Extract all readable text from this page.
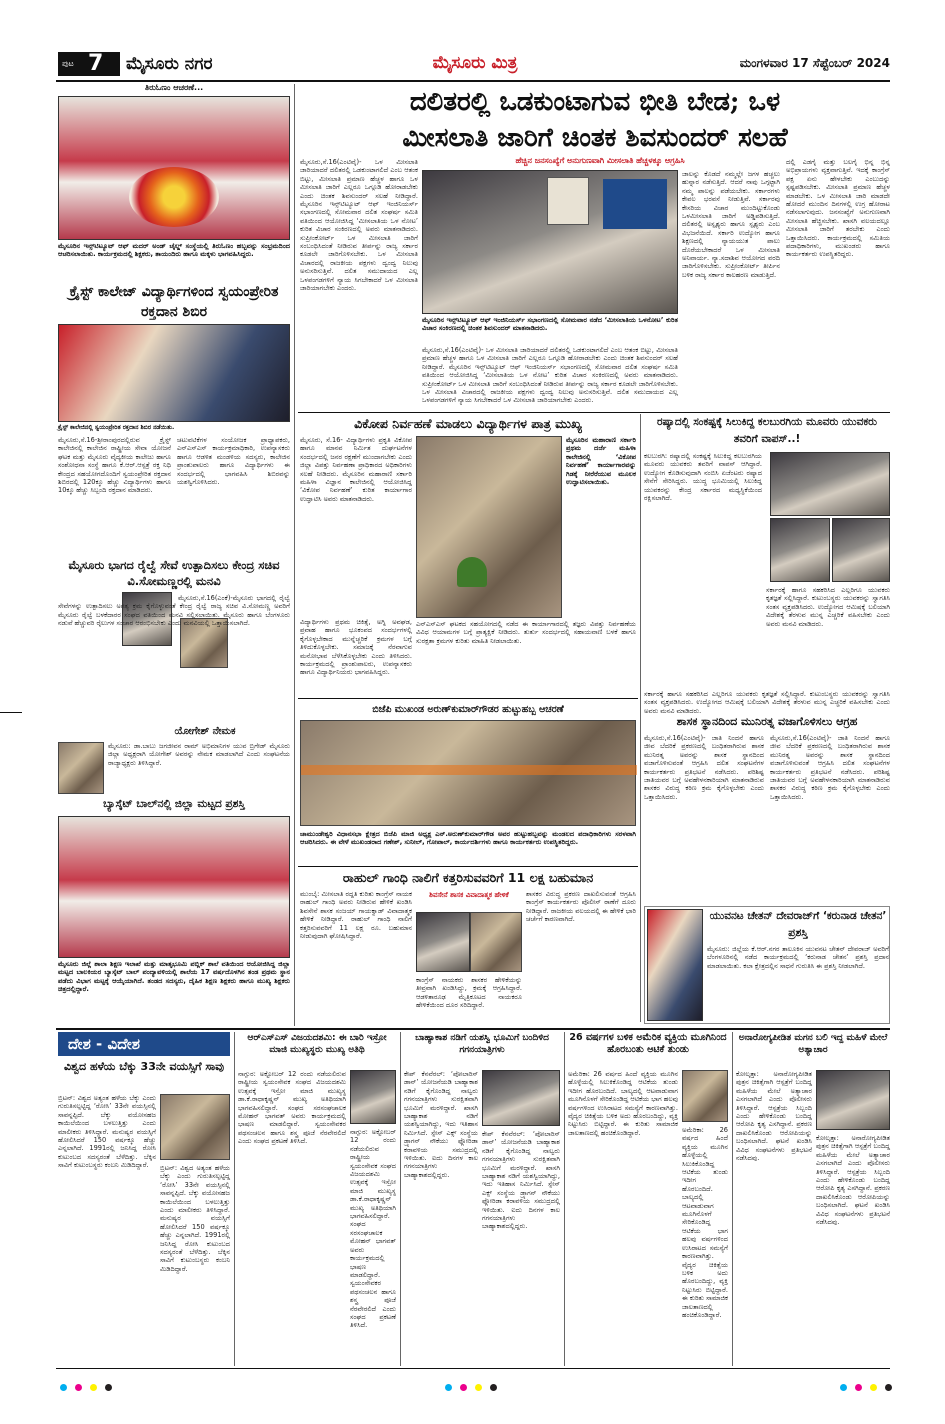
ಪುಟ 7 ಮೈಸೂರು ನಗರ	ಮೈಸೂರು ಮಿತ್ರ	ಮಂಗಳವಾರ 17 ಸೆಪ್ಟೆಂಬರ್ 2024
ತಿರುಓಣಂ ಆಚರಣೆ...
ಮೈಸೂರಿನ ಇನ್ಸ್‌ಟಿಟ್ಯೂಟ್ ಆಫ್ ಮದರ್ ಅಂಡ್ ಚೈಲ್ಡ್ ಸಂಸ್ಥೆಯಲ್ಲಿ ತಿರುಓಣಂ ಹಬ್ಬವನ್ನು ಸಂಭ್ರಮದಿಂದ ಆಚರಿಸಲಾಯಿತು. ಕಾರ್ಯಕ್ರಮದಲ್ಲಿ ಶಿಕ್ಷಕರು, ತಾಯಂದಿರು ಹಾಗೂ ಮಕ್ಕಳು ಭಾಗವಹಿಸಿದ್ದರು.
ಕ್ರೈಸ್ಟ್ ಕಾಲೇಜ್ ವಿದ್ಯಾರ್ಥಿಗಳಿಂದ ಸ್ವಯಂಪ್ರೇರಿತ ರಕ್ತದಾನ ಶಿಬಿರ
ಕ್ರೈಸ್ಟ್ ಕಾಲೇಜಿನಲ್ಲಿ ಸ್ವಯಂಪ್ರೇರಿತ ರಕ್ತದಾನ ಶಿಬಿರ ನಡೆಯಿತು.
ಮೈಸೂರು,ಸೆ.16-ಶ್ರೀರಾಂಪುರದಲ್ಲಿರುವ ಕ್ರೈಸ್ಟ್ ಕಾಲೇಜಿನಲ್ಲಿ ಕಾಲೇಜಿನ ರಾಷ್ಟ್ರೀಯ ಸೇವಾ ಯೋಜನೆ ಘಟಕ ಮತ್ತು ಮೈಸೂರು ವೈದ್ಯಕೀಯ ಕಾಲೇಜು ಹಾಗೂ ಸಂಶೋಧನಾ ಸಂಸ್ಥೆ ಹಾಗೂ ಕೆ.ಆರ್.ಆಸ್ಪತ್ರೆ ರಕ್ತ ನಿಧಿ ಕೇಂದ್ರದ ಸಹಯೋಗದೊಂದಿಗೆ ಸ್ವಯಂಪ್ರೇರಿತ ರಕ್ತದಾನ ಶಿಬಿರದಲ್ಲಿ 120ಕ್ಕೂ ಹೆಚ್ಚು ವಿದ್ಯಾರ್ಥಿಗಳು ಹಾಗೂ 10ಕ್ಕೂ ಹೆಚ್ಚು ಸಿಬ್ಬಂದಿ ರಕ್ತದಾನ ಮಾಡಿದರು.
ಚಟುವಟಿಕೆಗಳ ಸಂಯೋಜಕ ಪ್ರಾಧ್ಯಾಪಕರು, ಎನ್‌ಎಸ್‌ಎಸ್ ಕಾರ್ಯಕ್ರಮಾಧಿಕಾರಿ, ಉಪನ್ಯಾಸಕರು ಹಾಗೂ ಆಡಳಿತ ಮಂಡಳಿಯ ಸದಸ್ಯರು, ಕಾಲೇಜಿನ ಪ್ರಾಂಶುಪಾಲರು ಹಾಗೂ ವಿದ್ಯಾರ್ಥಿಗಳು ಈ ಸಂದರ್ಭದಲ್ಲಿ ಭಾಗವಹಿಸಿ ಶಿಬಿರವನ್ನು ಯಶಸ್ವಿಗೊಳಿಸಿದರು.
ಮೈಸೂರು ಭಾಗದ ರೈಲ್ವೆ ಸೇವೆ ಉತ್ಪಾದಿಸಲು ಕೇಂದ್ರ ಸಚಿವ ವಿ.ಸೋಮಣ್ಣರಲ್ಲಿ ಮನವಿ
ಮೈಸೂರು,ಸೆ.16(ಎಂಕೆ)-ಮೈಸೂರು ಭಾಗದಲ್ಲಿ ರೈಲ್ವೆ ಸೇವೆಗಳನ್ನು ಉತ್ಪಾದಿಸಲು ಅಗತ್ಯ ಕ್ರಮ ಕೈಗೊಳ್ಳುವಂತೆ ಕೇಂದ್ರ ರೈಲ್ವೆ ರಾಜ್ಯ ಸಚಿವ ವಿ.ಸೋಮಣ್ಣ ಅವರಿಗೆ ಮೈಸೂರು ರೈಲ್ವೆ ಬಳಕೆದಾರರ ಸಂಘದ ವತಿಯಿಂದ ಮನವಿ ಸಲ್ಲಿಸಲಾಯಿತು. ಮೈಸೂರು ಹಾಗೂ ಬೆಂಗಳೂರು ನಡುವೆ ಹೆಚ್ಚುವರಿ ರೈಲುಗಳ ಸಂಚಾರ ಆರಂಭಿಸಬೇಕು ಎಂದು ಮನವಿಯಲ್ಲಿ ಒತ್ತಾಯಿಸಲಾಗಿದೆ.
ಯೋಗೇಶ್ ನೇಮಕ
ಮೈಸೂರು: ಡಾ.ಬಾಬು ಜಗಜೀವನ ರಾಮ್ ಅಭಿಮಾನಿಗಳ ಯುವ ಬ್ರಿಗೇಡ್ ಮೈಸೂರು ಜಿಲ್ಲಾ ಅಧ್ಯಕ್ಷರಾಗಿ ಯೋಗೇಶ್ ಅವರನ್ನು ನೇಮಕ ಮಾಡಲಾಗಿದೆ ಎಂದು ಸಂಘಟನೆಯ ರಾಜ್ಯಾಧ್ಯಕ್ಷರು ತಿಳಿಸಿದ್ದಾರೆ.
ಬ್ಯಾಸ್ಕೆಟ್ ಬಾಲ್‌ನಲ್ಲಿ ಜಿಲ್ಲಾ ಮಟ್ಟದ ಪ್ರಶಸ್ತಿ
ಮೈಸೂರು ಜಿಲ್ಲೆ ಶಾಲಾ ಶಿಕ್ಷಣ ಇಲಾಖೆ ಮತ್ತು ಮಾತೃಭೂಮಿ ಪಬ್ಲಿಕ್ ಶಾಲೆ ವತಿಯಿಂದ ಆಯೋಜಿಸಿದ್ದ ಜಿಲ್ಲಾ ಮಟ್ಟದ ಬಾಲಕಿಯರ ಬ್ಯಾಸ್ಕೆಟ್ ಬಾಲ್ ಪಂದ್ಯಾವಳಿಯಲ್ಲಿ ಶಾಲೆಯ 17 ವರ್ಷದೊಳಗಿನ ತಂಡ ಪ್ರಥಮ ಸ್ಥಾನ ಪಡೆದು ವಿಭಾಗ ಮಟ್ಟಕ್ಕೆ ಆಯ್ಕೆಯಾಗಿದೆ. ತಂಡದ ಸದಸ್ಯರು, ದೈಹಿಕ ಶಿಕ್ಷಣ ಶಿಕ್ಷಕರು ಹಾಗೂ ಮುಖ್ಯ ಶಿಕ್ಷಕರು ಚಿತ್ರದಲ್ಲಿದ್ದಾರೆ.
ದಲಿತರಲ್ಲಿ ಒಡಕುಂಟಾಗುವ ಭೀತಿ ಬೇಡ; ಒಳ
ಮೀಸಲಾತಿ ಜಾರಿಗೆ ಚಿಂತಕ ಶಿವಸುಂದರ್ ಸಲಹೆ
ಹೆಚ್ಚಿನ ಜನಸಂಖ್ಯೆಗೆ ಅನುಗುಣವಾಗಿ ಮೀಸಲಾತಿ ಹೆಚ್ಚಳಕ್ಕೂ ಆಗ್ರಹಿಸಿ
ಮೈಸೂರು,ಸೆ.16(ಎಂಟಿವೈ)- ಒಳ ಮೀಸಲಾತಿ ಜಾರಿಯಾದರೆ ದಲಿತರಲ್ಲಿ ಒಡಕುಂಟಾಗಲಿದೆ ಎಂಬ ಆತಂಕ ಬಿಟ್ಟು, ಮೀಸಲಾತಿ ಪ್ರಮಾಣ ಹೆಚ್ಚಳ ಹಾಗೂ ಒಳ ಮೀಸಲಾತಿ ಜಾರಿಗೆ ಎಲ್ಲರೂ ಒಗ್ಗೂಡಿ ಹೋರಾಡಬೇಕು ಎಂದು ಚಿಂತಕ ಶಿವಸುಂದರ್ ಸಲಹೆ ನೀಡಿದ್ದಾರೆ. ಮೈಸೂರಿನ ಇನ್ಸ್‌ಟಿಟ್ಯೂಟ್ ಆಫ್ ಇಂಜಿನಿಯರ್ಸ್ ಸಭಾಂಗಣದಲ್ಲಿ ಸೋಮವಾರ ದಲಿತ ಸಂಘರ್ಷ ಸಮಿತಿ ವತಿಯಿಂದ ಆಯೋಜಿಸಿದ್ದ ‘ಮೀಸಲಾತಿಯ ಒಳ ನೋಟ’ ಕುರಿತ ವಿಚಾರ ಸಂಕಿರಣದಲ್ಲಿ ಅವರು ಮಾತನಾಡಿದರು. ಸುಪ್ರೀಂಕೋರ್ಟ್ ಒಳ ಮೀಸಲಾತಿ ಜಾರಿಗೆ ಸಂಬಂಧಿಸಿದಂತೆ ನೀಡಿರುವ ತೀರ್ಪನ್ನು ರಾಜ್ಯ ಸರ್ಕಾರ ಕೂಡಲೇ ಜಾರಿಗೊಳಿಸಬೇಕು. ಒಳ ಮೀಸಲಾತಿ ವಿಚಾರದಲ್ಲಿ ರಾಜಕೀಯ ಪಕ್ಷಗಳು ದ್ವಂದ್ವ ನಿಲುವು ಅನುಸರಿಸುತ್ತಿವೆ. ದಲಿತ ಸಮುದಾಯದ ಎಲ್ಲ ಒಳಪಂಗಡಗಳಿಗೆ ನ್ಯಾಯ ಸಿಗಬೇಕಾದರೆ ಒಳ ಮೀಸಲಾತಿ ಜಾರಿಯಾಗಬೇಕು ಎಂದರು.
ಮೈಸೂರಿನ ಇನ್ಸ್‌ಟಿಟ್ಯೂಟ್ ಆಫ್ ಇಂಜಿನಿಯರ್ಸ್ ಸಭಾಂಗಣದಲ್ಲಿ ಸೋಮವಾರ ನಡೆದ ‘ಮೀಸಲಾತಿಯ ಒಳನೋಟ’ ಕುರಿತ ವಿಚಾರ ಸಂಕಿರಣದಲ್ಲಿ ಚಿಂತಕ ಶಿವಸುಂದರ್ ಮಾತನಾಡಿದರು.
ಮೈಸೂರು,ಸೆ.16(ಎಂಟಿವೈ)- ಒಳ ಮೀಸಲಾತಿ ಜಾರಿಯಾದರೆ ದಲಿತರಲ್ಲಿ ಒಡಕುಂಟಾಗಲಿದೆ ಎಂಬ ಆತಂಕ ಬಿಟ್ಟು, ಮೀಸಲಾತಿ ಪ್ರಮಾಣ ಹೆಚ್ಚಳ ಹಾಗೂ ಒಳ ಮೀಸಲಾತಿ ಜಾರಿಗೆ ಎಲ್ಲರೂ ಒಗ್ಗೂಡಿ ಹೋರಾಡಬೇಕು ಎಂದು ಚಿಂತಕ ಶಿವಸುಂದರ್ ಸಲಹೆ ನೀಡಿದ್ದಾರೆ. ಮೈಸೂರಿನ ಇನ್ಸ್‌ಟಿಟ್ಯೂಟ್ ಆಫ್ ಇಂಜಿನಿಯರ್ಸ್ ಸಭಾಂಗಣದಲ್ಲಿ ಸೋಮವಾರ ದಲಿತ ಸಂಘರ್ಷ ಸಮಿತಿ ವತಿಯಿಂದ ಆಯೋಜಿಸಿದ್ದ ‘ಮೀಸಲಾತಿಯ ಒಳ ನೋಟ’ ಕುರಿತ ವಿಚಾರ ಸಂಕಿರಣದಲ್ಲಿ ಅವರು ಮಾತನಾಡಿದರು. ಸುಪ್ರೀಂಕೋರ್ಟ್ ಒಳ ಮೀಸಲಾತಿ ಜಾರಿಗೆ ಸಂಬಂಧಿಸಿದಂತೆ ನೀಡಿರುವ ತೀರ್ಪನ್ನು ರಾಜ್ಯ ಸರ್ಕಾರ ಕೂಡಲೇ ಜಾರಿಗೊಳಿಸಬೇಕು. ಒಳ ಮೀಸಲಾತಿ ವಿಚಾರದಲ್ಲಿ ರಾಜಕೀಯ ಪಕ್ಷಗಳು ದ್ವಂದ್ವ ನಿಲುವು ಅನುಸರಿಸುತ್ತಿವೆ. ದಲಿತ ಸಮುದಾಯದ ಎಲ್ಲ ಒಳಪಂಗಡಗಳಿಗೆ ನ್ಯಾಯ ಸಿಗಬೇಕಾದರೆ ಒಳ ಮೀಸಲಾತಿ ಜಾರಿಯಾಗಬೇಕು ಎಂದರು.
ಜಾಲನ್ನು ಕೊಡದೆ ನಮ್ಮಲ್ಲೇ ಜಗಳ ಹಚ್ಚಲು ಹುನ್ನಾರ ನಡೆಸುತ್ತಿದೆ. ಆದರೆ ನಾವು ಒಗ್ಗಟ್ಟಾಗಿ ನಮ್ಮ ಪಾಲನ್ನು ಪಡೆಯಬೇಕು. ಸರ್ಕಾರಗಳು ಕೇವಲ ಭರವಸೆ ನೀಡುತ್ತಿವೆ. ಸರ್ಕಾರವು ಕೇಸರಿಯ ವಿಚಾರ ಮುಂದಿಟ್ಟುಕೊಂಡು ಒಳಮೀಸಲಾತಿ ಜಾರಿಗೆ ಅಡ್ಡಿಪಡಿಸುತ್ತಿದೆ. ದಲಿತರಲ್ಲಿ ಅಸ್ಪೃಶ್ಯರು ಹಾಗೂ ಸ್ಪೃಶ್ಯರು ಎಂಬ ವಿಭಜನೆಯಿದೆ. ಸರ್ಕಾರಿ ಉದ್ಯೋಗ ಹಾಗೂ ಶಿಕ್ಷಣದಲ್ಲಿ ನ್ಯಾಯಯುತ ಪಾಲು ದೊರೆಯಬೇಕಾದರೆ ಒಳ ಮೀಸಲಾತಿ ಅನಿವಾರ್ಯ. ನ್ಯಾ.ಸದಾಶಿವ ಆಯೋಗದ ವರದಿ ಜಾರಿಗೊಳಿಸಬೇಕು. ಸುಪ್ರೀಂಕೋರ್ಟ್ ತೀರ್ಪಿನ ಬಳಿಕ ರಾಜ್ಯ ಸರ್ಕಾರ ಕಾಲಹರಣ ಮಾಡುತ್ತಿದೆ.
ದಲ್ಲಿ ಎಡಗೈ ಮತ್ತು ಬಲಗೈ ಭಿನ್ನ ಭಿನ್ನ ಅಭಿಪ್ರಾಯಗಳು ವ್ಯಕ್ತವಾಗುತ್ತಿವೆ. ಇದಕ್ಕೆ ಕಾಂಗ್ರೆಸ್ ಪಕ್ಷ ಏನು ಹೇಳಬೇಕು ಎಂಬುದನ್ನು ಸ್ಪಷ್ಟಪಡಿಸಬೇಕು. ಮೀಸಲಾತಿ ಪ್ರಮಾಣ ಹೆಚ್ಚಳ ಮಾಡಬೇಕು. ಒಳ ಮೀಸಲಾತಿ ಜಾರಿ ಮಾಡದೇ ಹೋದರೆ ಮುಂದಿನ ದಿನಗಳಲ್ಲಿ ಉಗ್ರ ಹೋರಾಟ ನಡೆಸಲಾಗುವುದು. ಜನಸಂಖ್ಯೆಗೆ ಅನುಗುಣವಾಗಿ ಮೀಸಲಾತಿ ಹೆಚ್ಚಿಸಬೇಕು. ಖಾಸಗಿ ವಲಯದಲ್ಲೂ ಮೀಸಲಾತಿ ಜಾರಿಗೆ ತರಬೇಕು ಎಂದು ಒತ್ತಾಯಿಸಿದರು. ಕಾರ್ಯಕ್ರಮದಲ್ಲಿ ಸಮಿತಿಯ ಪದಾಧಿಕಾರಿಗಳು, ಮುಖಂಡರು ಹಾಗೂ ಕಾರ್ಯಕರ್ತರು ಉಪಸ್ಥಿತರಿದ್ದರು.
ವಿಕೋಪ ನಿರ್ವಹಣೆ ಮಾಡಲು ವಿದ್ಯಾರ್ಥಿಗಳ ಪಾತ್ರ ಮುಖ್ಯ
ಮೈಸೂರು, ಸೆ.16- ವಿದ್ಯಾರ್ಥಿಗಳು ಪ್ರಕೃತಿ ವಿಕೋಪ ಹಾಗೂ ಮಾನವ ನಿರ್ಮಿತ ದುರ್ಘಟನೆಗಳ ಸಂದರ್ಭದಲ್ಲಿ ಜನರ ರಕ್ಷಣೆಗೆ ಮುಂದಾಗಬೇಕು ಎಂದು ಜಿಲ್ಲಾ ವಿಪತ್ತು ನಿರ್ವಹಣಾ ಪ್ರಾಧಿಕಾರದ ಅಧಿಕಾರಿಗಳು ಸಲಹೆ ನೀಡಿದರು. ಮೈಸೂರಿನ ಮಹಾರಾಣಿ ಸರ್ಕಾರಿ ಮಹಿಳಾ ವಿಜ್ಞಾನ ಕಾಲೇಜಿನಲ್ಲಿ ಆಯೋಜಿಸಿದ್ದ ‘ವಿಕೋಪ ನಿರ್ವಹಣೆ’ ಕುರಿತ ಕಾರ್ಯಾಗಾರ ಉದ್ಘಾಟಿಸಿ ಅವರು ಮಾತನಾಡಿದರು.
ಮೈಸೂರಿನ ಮಹಾರಾಣಿ ಸರ್ಕಾರಿ ಪ್ರಥಮ ದರ್ಜೆ ಮಹಿಳಾ ಕಾಲೇಜಿನಲ್ಲಿ ‘ವಿಕೋಪ ನಿರ್ವಹಣೆ’ ಕಾರ್ಯಾಗಾರವನ್ನು ಗಿಡಕ್ಕೆ ನೀರೆರೆಯುವ ಮೂಲಕ ಉದ್ಘಾಟಿಸಲಾಯಿತು.
ವಿದ್ಯಾರ್ಥಿಗಳು ಪ್ರಥಮ ಚಿಕಿತ್ಸೆ, ಅಗ್ನಿ ಅವಘಡ, ಪ್ರವಾಹ ಹಾಗೂ ಭೂಕಂಪದ ಸಂದರ್ಭಗಳಲ್ಲಿ ಕೈಗೊಳ್ಳಬೇಕಾದ ಮುನ್ನೆಚ್ಚರಿಕೆ ಕ್ರಮಗಳ ಬಗ್ಗೆ ತಿಳಿದುಕೊಳ್ಳಬೇಕು. ಸಮಾಜಕ್ಕೆ ನೆರವಾಗುವ ಮನೋಭಾವ ಬೆಳೆಸಿಕೊಳ್ಳಬೇಕು ಎಂದು ತಿಳಿಸಿದರು. ಕಾರ್ಯಕ್ರಮದಲ್ಲಿ ಪ್ರಾಂಶುಪಾಲರು, ಉಪನ್ಯಾಸಕರು ಹಾಗೂ ವಿದ್ಯಾರ್ಥಿನಿಯರು ಭಾಗವಹಿಸಿದ್ದರು.
ಎನ್‌ಎಸ್‌ಎಸ್ ಘಟಕದ ಸಹಯೋಗದಲ್ಲಿ ನಡೆದ ಈ ಕಾರ್ಯಾಗಾರದಲ್ಲಿ ತಜ್ಞರು ವಿಪತ್ತು ನಿರ್ವಹಣೆಯ ವಿವಿಧ ಆಯಾಮಗಳ ಬಗ್ಗೆ ಪ್ರಾತ್ಯಕ್ಷಿಕೆ ನೀಡಿದರು. ತುರ್ತು ಸಂದರ್ಭದಲ್ಲಿ ಸಹಾಯವಾಣಿ ಬಳಕೆ ಹಾಗೂ ಸುರಕ್ಷತಾ ಕ್ರಮಗಳ ಕುರಿತು ಮಾಹಿತಿ ನೀಡಲಾಯಿತು.
ರಷ್ಯಾದಲ್ಲಿ ಸಂಕಷ್ಟಕ್ಕೆ ಸಿಲುಕಿದ್ದ ಕಲಬುರಗಿಯ ಮೂವರು ಯುವಕರು ತವರಿಗೆ ವಾಪಸ್..!
ಕಲಬುರಗಿ: ರಷ್ಯಾದಲ್ಲಿ ಸಂಕಷ್ಟಕ್ಕೆ ಸಿಲುಕಿದ್ದ ಕಲಬುರಗಿಯ ಮೂವರು ಯುವಕರು ತವರಿಗೆ ವಾಪಸ್ ಆಗಿದ್ದಾರೆ. ಉದ್ಯೋಗ ಕೊಡಿಸುವುದಾಗಿ ನಂಬಿಸಿ ಏಜೆಂಟರು ರಷ್ಯಾದ ಸೇನೆಗೆ ಸೇರಿಸಿದ್ದರು. ಯುದ್ಧ ಭೂಮಿಯಲ್ಲಿ ಸಿಲುಕಿದ್ದ ಯುವಕರನ್ನು ಕೇಂದ್ರ ಸರ್ಕಾರದ ಮಧ್ಯಸ್ಥಿಕೆಯಿಂದ ರಕ್ಷಿಸಲಾಗಿದೆ.
ಸರ್ಕಾರಕ್ಕೆ ಹಾಗೂ ಸಹಕರಿಸಿದ ಎಲ್ಲರಿಗೂ ಯುವಕರು ಕೃತಜ್ಞತೆ ಸಲ್ಲಿಸಿದ್ದಾರೆ. ಕುಟುಂಬಸ್ಥರು ಯುವಕರನ್ನು ಸ್ವಾಗತಿಸಿ ಸಂತಸ ವ್ಯಕ್ತಪಡಿಸಿದರು. ಉದ್ಯೋಗದ ಆಮಿಷಕ್ಕೆ ಬಲಿಯಾಗಿ ವಿದೇಶಕ್ಕೆ ತೆರಳುವ ಮುನ್ನ ಎಚ್ಚರಿಕೆ ವಹಿಸಬೇಕು ಎಂದು ಅವರು ಮನವಿ ಮಾಡಿದರು.
ಸರ್ಕಾರಕ್ಕೆ ಹಾಗೂ ಸಹಕರಿಸಿದ ಎಲ್ಲರಿಗೂ ಯುವಕರು ಕೃತಜ್ಞತೆ ಸಲ್ಲಿಸಿದ್ದಾರೆ. ಕುಟುಂಬಸ್ಥರು ಯುವಕರನ್ನು ಸ್ವಾಗತಿಸಿ ಸಂತಸ ವ್ಯಕ್ತಪಡಿಸಿದರು. ಉದ್ಯೋಗದ ಆಮಿಷಕ್ಕೆ ಬಲಿಯಾಗಿ ವಿದೇಶಕ್ಕೆ ತೆರಳುವ ಮುನ್ನ ಎಚ್ಚರಿಕೆ ವಹಿಸಬೇಕು ಎಂದು ಅವರು ಮನವಿ ಮಾಡಿದರು.
ಶಾಸಕ ಸ್ಥಾನದಿಂದ ಮುನಿರತ್ನ ವಜಾಗೊಳಿಸಲು ಆಗ್ರಹ
ಮೈಸೂರು,ಸೆ.16(ಎಂಟಿವೈ)- ಜಾತಿ ನಿಂದನೆ ಹಾಗೂ ಜೀವ ಬೆದರಿಕೆ ಪ್ರಕರಣದಲ್ಲಿ ಬಂಧಿತರಾಗಿರುವ ಶಾಸಕ ಮುನಿರತ್ನ ಅವರನ್ನು ಶಾಸಕ ಸ್ಥಾನದಿಂದ ವಜಾಗೊಳಿಸುವಂತೆ ಆಗ್ರಹಿಸಿ ದಲಿತ ಸಂಘಟನೆಗಳ ಕಾರ್ಯಕರ್ತರು ಪ್ರತಿಭಟನೆ ನಡೆಸಿದರು. ಪರಿಶಿಷ್ಟ ಜಾತಿಯವರ ಬಗ್ಗೆ ಅವಹೇಳನಕಾರಿಯಾಗಿ ಮಾತನಾಡಿರುವ ಶಾಸಕರ ವಿರುದ್ಧ ಕಠಿಣ ಕ್ರಮ ಕೈಗೊಳ್ಳಬೇಕು ಎಂದು ಒತ್ತಾಯಿಸಿದರು.
ಮೈಸೂರು,ಸೆ.16(ಎಂಟಿವೈ)- ಜಾತಿ ನಿಂದನೆ ಹಾಗೂ ಜೀವ ಬೆದರಿಕೆ ಪ್ರಕರಣದಲ್ಲಿ ಬಂಧಿತರಾಗಿರುವ ಶಾಸಕ ಮುನಿರತ್ನ ಅವರನ್ನು ಶಾಸಕ ಸ್ಥಾನದಿಂದ ವಜಾಗೊಳಿಸುವಂತೆ ಆಗ್ರಹಿಸಿ ದಲಿತ ಸಂಘಟನೆಗಳ ಕಾರ್ಯಕರ್ತರು ಪ್ರತಿಭಟನೆ ನಡೆಸಿದರು. ಪರಿಶಿಷ್ಟ ಜಾತಿಯವರ ಬಗ್ಗೆ ಅವಹೇಳನಕಾರಿಯಾಗಿ ಮಾತನಾಡಿರುವ ಶಾಸಕರ ವಿರುದ್ಧ ಕಠಿಣ ಕ್ರಮ ಕೈಗೊಳ್ಳಬೇಕು ಎಂದು ಒತ್ತಾಯಿಸಿದರು.
ಯುವನಟ ಚೇತನ್ ದೇವರಾಜ್‌ಗೆ ‘ಕರುನಾಡ ಚೇತನ’ ಪ್ರಶಸ್ತಿ
ಮೈಸೂರು: ಜಿಲ್ಲೆಯ ಕೆ.ಆರ್.ನಗರ ತಾಲೂಕಿನ ಯುವನಟ ಚೇತನ್ ದೇವರಾಜ್ ಅವರಿಗೆ ಬೆಂಗಳೂರಿನಲ್ಲಿ ನಡೆದ ಕಾರ್ಯಕ್ರಮದಲ್ಲಿ ‘ಕರುನಾಡ ಚೇತನ’ ಪ್ರಶಸ್ತಿ ಪ್ರದಾನ ಮಾಡಲಾಯಿತು. ಕಲಾ ಕ್ಷೇತ್ರದಲ್ಲಿನ ಸಾಧನೆ ಗುರುತಿಸಿ ಈ ಪ್ರಶಸ್ತಿ ನೀಡಲಾಗಿದೆ.
ಬಿಜೆಪಿ ಮುಖಂಡ ಅರುಣ್‌ಕುಮಾರ್‌ಗೌಡರ ಹುಟ್ಟುಹಬ್ಬ ಆಚರಣೆ
ಚಾಮುಂಡೇಶ್ವರಿ ವಿಧಾನಸಭಾ ಕ್ಷೇತ್ರದ ಬಿಜೆಪಿ ಮಾಜಿ ಅಧ್ಯಕ್ಷ ಎನ್.ಅರುಣ್‌ಕುಮಾರ್‌ಗೌಡ ಅವರ ಹುಟ್ಟುಹಬ್ಬವನ್ನು ಮಂಡಲದ ಪದಾಧಿಕಾರಿಗಳು ಸರಳವಾಗಿ ಆಚರಿಸಿದರು. ಈ ವೇಳೆ ಮುಖಂಡರಾದ ಗಣೇಶ್, ಸುನೀಲ್, ಗೋಪಾಲ್, ಕಾರ್ಯದರ್ಶಿಗಳು ಹಾಗೂ ಕಾರ್ಯಕರ್ತರು ಉಪಸ್ಥಿತರಿದ್ದರು.
ರಾಹುಲ್ ಗಾಂಧಿ ನಾಲಿಗೆ ಕತ್ತರಿಸುವವರಿಗೆ 11 ಲಕ್ಷ ಬಹುಮಾನ
ಮುಂಬೈ: ಮೀಸಲಾತಿ ರದ್ದತಿ ಕುರಿತು ಕಾಂಗ್ರೆಸ್ ನಾಯಕ ರಾಹುಲ್ ಗಾಂಧಿ ಅವರು ನೀಡಿರುವ ಹೇಳಿಕೆ ಖಂಡಿಸಿ ಶಿವಸೇನೆ ಶಾಸಕ ಸಂಜಯ್ ಗಾಯಕ್ವಾಡ್ ವಿವಾದಾತ್ಮಕ ಹೇಳಿಕೆ ನೀಡಿದ್ದಾರೆ. ರಾಹುಲ್ ಗಾಂಧಿ ನಾಲಿಗೆ ಕತ್ತರಿಸುವವರಿಗೆ 11 ಲಕ್ಷ ರೂ. ಬಹುಮಾನ ನೀಡುವುದಾಗಿ ಘೋಷಿಸಿದ್ದಾರೆ.
ಶಿವಸೇನೆ ಶಾಸಕ ವಿವಾದಾತ್ಮಕ ಹೇಳಿಕೆ
ಕಾಂಗ್ರೆಸ್ ನಾಯಕರು ಶಾಸಕರ ಹೇಳಿಕೆಯನ್ನು ತೀವ್ರವಾಗಿ ಖಂಡಿಸಿದ್ದು, ಕ್ರಮಕ್ಕೆ ಆಗ್ರಹಿಸಿದ್ದಾರೆ. ಆಡಳಿತಾರೂಢ ಮೈತ್ರಿಕೂಟದ ನಾಯಕರೂ ಹೇಳಿಕೆಯಿಂದ ದೂರ ಸರಿದಿದ್ದಾರೆ.
ಶಾಸಕರ ವಿರುದ್ಧ ಪ್ರಕರಣ ದಾಖಲಿಸುವಂತೆ ಆಗ್ರಹಿಸಿ ಕಾಂಗ್ರೆಸ್ ಕಾರ್ಯಕರ್ತರು ಪೊಲೀಸ್ ಠಾಣೆಗೆ ದೂರು ನೀಡಿದ್ದಾರೆ. ರಾಜಕೀಯ ವಲಯದಲ್ಲಿ ಈ ಹೇಳಿಕೆ ಭಾರಿ ಚರ್ಚೆಗೆ ಕಾರಣವಾಗಿದೆ.
ದೇಶ - ವಿದೇಶ
ವಿಶ್ವದ ಹಳೆಯ ಬೆಕ್ಕು 33ನೇ ವಯಸ್ಸಿಗೆ ಸಾವು
ಬ್ರಿಟನ್: ವಿಶ್ವದ ಅತ್ಯಂತ ಹಳೆಯ ಬೆಕ್ಕು ಎಂದು ಗುರುತಿಸಲ್ಪಟ್ಟಿದ್ದ ‘ರೋಸಿ’ 33ನೇ ವಯಸ್ಸಿನಲ್ಲಿ ಸಾವನ್ನಪ್ಪಿದೆ. ಬೆಕ್ಕು ವಯೋಸಹಜ ಕಾಯಿಲೆಯಿಂದ ಬಳಲುತ್ತಿತ್ತು ಎಂದು ಮಾಲೀಕರು ತಿಳಿಸಿದ್ದಾರೆ. ಮನುಷ್ಯರ ವಯಸ್ಸಿಗೆ ಹೋಲಿಸಿದರೆ 150 ವರ್ಷಕ್ಕೂ ಹೆಚ್ಚು ಎನ್ನಲಾಗಿದೆ. 1991ರಲ್ಲಿ ಜನಿಸಿದ್ದ ರೋಸಿ ಕುಟುಂಬದ ಸದಸ್ಯರಂತೆ ಬೆಳೆದಿತ್ತು. ಬೆಕ್ಕಿನ ಸಾವಿಗೆ ಕುಟುಂಬಸ್ಥರು ಕಂಬನಿ ಮಿಡಿದಿದ್ದಾರೆ.	ಬ್ರಿಟನ್: ವಿಶ್ವದ ಅತ್ಯಂತ ಹಳೆಯ ಬೆಕ್ಕು ಎಂದು ಗುರುತಿಸಲ್ಪಟ್ಟಿದ್ದ ‘ರೋಸಿ’ 33ನೇ ವಯಸ್ಸಿನಲ್ಲಿ ಸಾವನ್ನಪ್ಪಿದೆ. ಬೆಕ್ಕು ವಯೋಸಹಜ ಕಾಯಿಲೆಯಿಂದ ಬಳಲುತ್ತಿತ್ತು ಎಂದು ಮಾಲೀಕರು ತಿಳಿಸಿದ್ದಾರೆ. ಮನುಷ್ಯರ ವಯಸ್ಸಿಗೆ ಹೋಲಿಸಿದರೆ 150 ವರ್ಷಕ್ಕೂ ಹೆಚ್ಚು ಎನ್ನಲಾಗಿದೆ. 1991ರಲ್ಲಿ ಜನಿಸಿದ್ದ ರೋಸಿ ಕುಟುಂಬದ ಸದಸ್ಯರಂತೆ ಬೆಳೆದಿತ್ತು. ಬೆಕ್ಕಿನ ಸಾವಿಗೆ ಕುಟುಂಬಸ್ಥರು ಕಂಬನಿ ಮಿಡಿದಿದ್ದಾರೆ.
ಆರ್‌ಎಸ್‌ಎಸ್ ವಿಜಯದಶಮಿ: ಈ ಬಾರಿ ಇಸ್ರೋ ಮಾಜಿ ಮುಖ್ಯಸ್ಥರು ಮುಖ್ಯ ಅತಿಥಿ
ನಾಗ್ಪುರ: ಅಕ್ಟೋಬರ್ 12 ರಂದು ನಡೆಯಲಿರುವ ರಾಷ್ಟ್ರೀಯ ಸ್ವಯಂಸೇವಕ ಸಂಘದ ವಿಜಯದಶಮಿ ಉತ್ಸವಕ್ಕೆ ಇಸ್ರೋ ಮಾಜಿ ಮುಖ್ಯಸ್ಥ ಡಾ.ಕೆ.ರಾಧಾಕೃಷ್ಣನ್ ಮುಖ್ಯ ಅತಿಥಿಯಾಗಿ ಭಾಗವಹಿಸಲಿದ್ದಾರೆ. ಸಂಘದ ಸರಸಂಘಚಾಲಕ ಮೋಹನ್ ಭಾಗವತ್ ಅವರು ಕಾರ್ಯಕ್ರಮದಲ್ಲಿ ಭಾಷಣ ಮಾಡಲಿದ್ದಾರೆ. ಸ್ವಯಂಸೇವಕರ ಪಥಸಂಚಲನ ಹಾಗೂ ಶಸ್ತ್ರ ಪೂಜೆ ನೆರವೇರಲಿದೆ ಎಂದು ಸಂಘದ ಪ್ರಕಟಣೆ ತಿಳಿಸಿದೆ.
ನಾಗ್ಪುರ: ಅಕ್ಟೋಬರ್ 12 ರಂದು ನಡೆಯಲಿರುವ ರಾಷ್ಟ್ರೀಯ ಸ್ವಯಂಸೇವಕ ಸಂಘದ ವಿಜಯದಶಮಿ ಉತ್ಸವಕ್ಕೆ ಇಸ್ರೋ ಮಾಜಿ ಮುಖ್ಯಸ್ಥ ಡಾ.ಕೆ.ರಾಧಾಕೃಷ್ಣನ್ ಮುಖ್ಯ ಅತಿಥಿಯಾಗಿ ಭಾಗವಹಿಸಲಿದ್ದಾರೆ. ಸಂಘದ ಸರಸಂಘಚಾಲಕ ಮೋಹನ್ ಭಾಗವತ್ ಅವರು ಕಾರ್ಯಕ್ರಮದಲ್ಲಿ ಭಾಷಣ ಮಾಡಲಿದ್ದಾರೆ. ಸ್ವಯಂಸೇವಕರ ಪಥಸಂಚಲನ ಹಾಗೂ ಶಸ್ತ್ರ ಪೂಜೆ ನೆರವೇರಲಿದೆ ಎಂದು ಸಂಘದ ಪ್ರಕಟಣೆ ತಿಳಿಸಿದೆ.
ಬಾಹ್ಯಾಕಾಶ ನಡಿಗೆ ಯಶಸ್ವಿ ಭೂಮಿಗೆ ಬಂದಿಳಿದ ಗಗನಯಾತ್ರಿಗಳು
ಕೇಪ್ ಕೆನವೆರಲ್: ‘ಪೋಲಾರಿಸ್ ಡಾನ್’ ಯೋಜನೆಯಡಿ ಬಾಹ್ಯಾಕಾಶ ನಡಿಗೆ ಕೈಗೊಂಡಿದ್ದ ನಾಲ್ವರು ಗಗನಯಾತ್ರಿಗಳು ಸುರಕ್ಷಿತವಾಗಿ ಭೂಮಿಗೆ ಮರಳಿದ್ದಾರೆ. ಖಾಸಗಿ ಬಾಹ್ಯಾಕಾಶ ನಡಿಗೆ ಯಶಸ್ವಿಯಾಗಿದ್ದು, ಇದು ಇತಿಹಾಸ ನಿರ್ಮಿಸಿದೆ. ಸ್ಪೇಸ್ ಎಕ್ಸ್ ಸಂಸ್ಥೆಯ ಡ್ರ್ಯಾಗನ್ ನೌಕೆಯು ಫ್ಲೋರಿಡಾ ಕರಾವಳಿಯ ಸಮುದ್ರದಲ್ಲಿ ಇಳಿಯಿತು. ಐದು ದಿನಗಳ ಕಾಲ ಗಗನಯಾತ್ರಿಗಳು ಬಾಹ್ಯಾಕಾಶದಲ್ಲಿದ್ದರು.
ಕೇಪ್ ಕೆನವೆರಲ್: ‘ಪೋಲಾರಿಸ್ ಡಾನ್’ ಯೋಜನೆಯಡಿ ಬಾಹ್ಯಾಕಾಶ ನಡಿಗೆ ಕೈಗೊಂಡಿದ್ದ ನಾಲ್ವರು ಗಗನಯಾತ್ರಿಗಳು ಸುರಕ್ಷಿತವಾಗಿ ಭೂಮಿಗೆ ಮರಳಿದ್ದಾರೆ. ಖಾಸಗಿ ಬಾಹ್ಯಾಕಾಶ ನಡಿಗೆ ಯಶಸ್ವಿಯಾಗಿದ್ದು, ಇದು ಇತಿಹಾಸ ನಿರ್ಮಿಸಿದೆ. ಸ್ಪೇಸ್ ಎಕ್ಸ್ ಸಂಸ್ಥೆಯ ಡ್ರ್ಯಾಗನ್ ನೌಕೆಯು ಫ್ಲೋರಿಡಾ ಕರಾವಳಿಯ ಸಮುದ್ರದಲ್ಲಿ ಇಳಿಯಿತು. ಐದು ದಿನಗಳ ಕಾಲ ಗಗನಯಾತ್ರಿಗಳು ಬಾಹ್ಯಾಕಾಶದಲ್ಲಿದ್ದರು.
26 ವರ್ಷಗಳ ಬಳಿಕ ಅಮೆರಿಕ ವ್ಯಕ್ತಿಯ ಮೂಗಿನಿಂದ ಹೊರಬಂತು ಆಟಿಕೆ ತುಂಡು
ಅಮೆರಿಕಾ: 26 ವರ್ಷದ ಹಿಂದೆ ವ್ಯಕ್ತಿಯ ಮೂಗಿನ ಹೊಳ್ಳೆಯಲ್ಲಿ ಸಿಲುಕಿಕೊಂಡಿದ್ದ ಆಟಿಕೆಯ ತುಂಡು ಇದೀಗ ಹೊರಬಂದಿದೆ. ಬಾಲ್ಯದಲ್ಲಿ ಆಟವಾಡುವಾಗ ಮೂಗಿನೊಳಗೆ ಸೇರಿಕೊಂಡಿದ್ದ ಆಟಿಕೆಯ ಭಾಗ ಹಲವು ವರ್ಷಗಳಿಂದ ಉಸಿರಾಟದ ಸಮಸ್ಯೆಗೆ ಕಾರಣವಾಗಿತ್ತು. ವೈದ್ಯರ ಚಿಕಿತ್ಸೆಯ ಬಳಿಕ ಅದು ಹೊರಬಂದಿದ್ದು, ವ್ಯಕ್ತಿ ನಿಟ್ಟುಸಿರು ಬಿಟ್ಟಿದ್ದಾರೆ. ಈ ಕುರಿತು ಸಾಮಾಜಿಕ ಜಾಲತಾಣದಲ್ಲಿ ಹಂಚಿಕೊಂಡಿದ್ದಾರೆ.	ಅಮೆರಿಕಾ: 26 ವರ್ಷದ ಹಿಂದೆ ವ್ಯಕ್ತಿಯ ಮೂಗಿನ ಹೊಳ್ಳೆಯಲ್ಲಿ ಸಿಲುಕಿಕೊಂಡಿದ್ದ ಆಟಿಕೆಯ ತುಂಡು ಇದೀಗ ಹೊರಬಂದಿದೆ. ಬಾಲ್ಯದಲ್ಲಿ ಆಟವಾಡುವಾಗ ಮೂಗಿನೊಳಗೆ ಸೇರಿಕೊಂಡಿದ್ದ ಆಟಿಕೆಯ ಭಾಗ ಹಲವು ವರ್ಷಗಳಿಂದ ಉಸಿರಾಟದ ಸಮಸ್ಯೆಗೆ ಕಾರಣವಾಗಿತ್ತು. ವೈದ್ಯರ ಚಿಕಿತ್ಸೆಯ ಬಳಿಕ ಅದು ಹೊರಬಂದಿದ್ದು, ವ್ಯಕ್ತಿ ನಿಟ್ಟುಸಿರು ಬಿಟ್ಟಿದ್ದಾರೆ. ಈ ಕುರಿತು ಸಾಮಾಜಿಕ ಜಾಲತಾಣದಲ್ಲಿ ಹಂಚಿಕೊಂಡಿದ್ದಾರೆ.
ಅನಾರೋಗ್ಯಪೀಡಿತ ಮಗನ ಬಲಿ ಇದ್ದ ಮಹಿಳೆ ಮೇಲೆ ಅತ್ಯಾಚಾರ
ಕೋಲ್ಕತ್ತಾ: ಅನಾರೋಗ್ಯಪೀಡಿತ ಪುತ್ರನ ಚಿಕಿತ್ಸೆಗಾಗಿ ಆಸ್ಪತ್ರೆಗೆ ಬಂದಿದ್ದ ಮಹಿಳೆಯ ಮೇಲೆ ಅತ್ಯಾಚಾರ ಎಸಗಲಾಗಿದೆ ಎಂದು ಪೊಲೀಸರು ತಿಳಿಸಿದ್ದಾರೆ. ಆಸ್ಪತ್ರೆಯ ಸಿಬ್ಬಂದಿ ಎಂದು ಹೇಳಿಕೊಂಡು ಬಂದಿದ್ದ ಆರೋಪಿ ಕೃತ್ಯ ಎಸಗಿದ್ದಾನೆ. ಪ್ರಕರಣ ದಾಖಲಿಸಿಕೊಂಡು ಆರೋಪಿಯನ್ನು ಬಂಧಿಸಲಾಗಿದೆ. ಘಟನೆ ಖಂಡಿಸಿ ವಿವಿಧ ಸಂಘಟನೆಗಳು ಪ್ರತಿಭಟನೆ ನಡೆಸಿದವು.
ಕೋಲ್ಕತ್ತಾ: ಅನಾರೋಗ್ಯಪೀಡಿತ ಪುತ್ರನ ಚಿಕಿತ್ಸೆಗಾಗಿ ಆಸ್ಪತ್ರೆಗೆ ಬಂದಿದ್ದ ಮಹಿಳೆಯ ಮೇಲೆ ಅತ್ಯಾಚಾರ ಎಸಗಲಾಗಿದೆ ಎಂದು ಪೊಲೀಸರು ತಿಳಿಸಿದ್ದಾರೆ. ಆಸ್ಪತ್ರೆಯ ಸಿಬ್ಬಂದಿ ಎಂದು ಹೇಳಿಕೊಂಡು ಬಂದಿದ್ದ ಆರೋಪಿ ಕೃತ್ಯ ಎಸಗಿದ್ದಾನೆ. ಪ್ರಕರಣ ದಾಖಲಿಸಿಕೊಂಡು ಆರೋಪಿಯನ್ನು ಬಂಧಿಸಲಾಗಿದೆ. ಘಟನೆ ಖಂಡಿಸಿ ವಿವಿಧ ಸಂಘಟನೆಗಳು ಪ್ರತಿಭಟನೆ ನಡೆಸಿದವು.
